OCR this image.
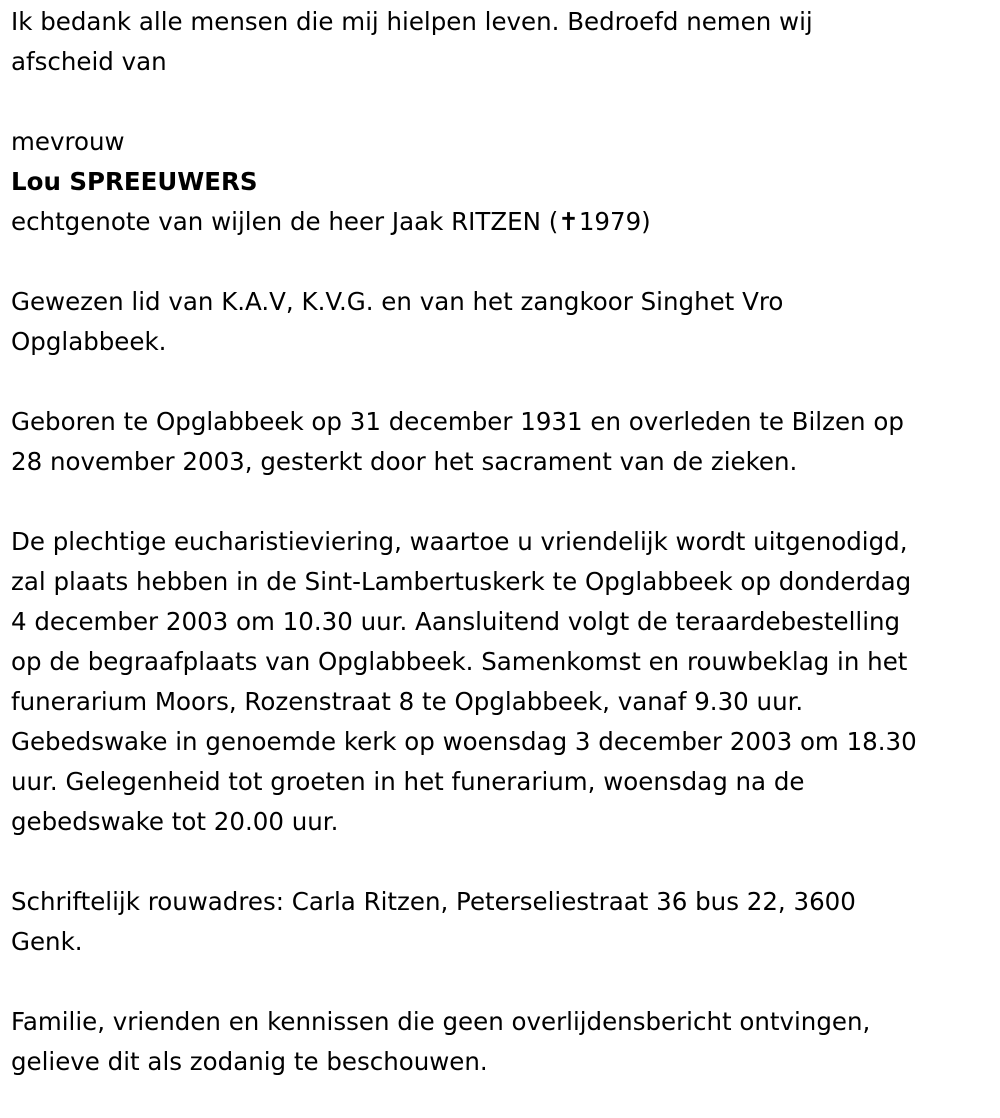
Ik bedank alle mensen die mij hielpen leven. Bedroefd nemen wij
afscheid van

mevrouw
Lou SPREEUWERS
echtgenote van wijlen de heer Jaak RITZEN (✝1979)

Gewezen lid van K.A.V, K.V.G. en van het zangkoor Singhet Vro
Opglabbeek.

Geboren te Opglabbeek op 31 december 1931 en overleden te Bilzen op
28 november 2003, gesterkt door het sacrament van de zieken.

De plechtige eucharistieviering, waartoe u vriendelijk wordt uitgenodigd,
zal plaats hebben in de Sint-Lambertuskerk te Opglabbeek op donderdag
4 december 2003 om 10.30 uur. Aansluitend volgt de teraardebestelling
op de begraafplaats van Opglabbeek. Samenkomst en rouwbeklag in het
funerarium Moors, Rozenstraat 8 te Opglabbeek, vanaf 9.30 uur.
Gebedswake in genoemde kerk op woensdag 3 december 2003 om 18.30
uur. Gelegenheid tot groeten in het funerarium, woensdag na de
gebedswake tot 20.00 uur.

Schriftelijk rouwadres: Carla Ritzen, Peterseliestraat 36 bus 22, 3600
Genk.

Familie, vrienden en kennissen die geen overlijdensbericht ontvingen,
gelieve dit als zodanig te beschouwen.
